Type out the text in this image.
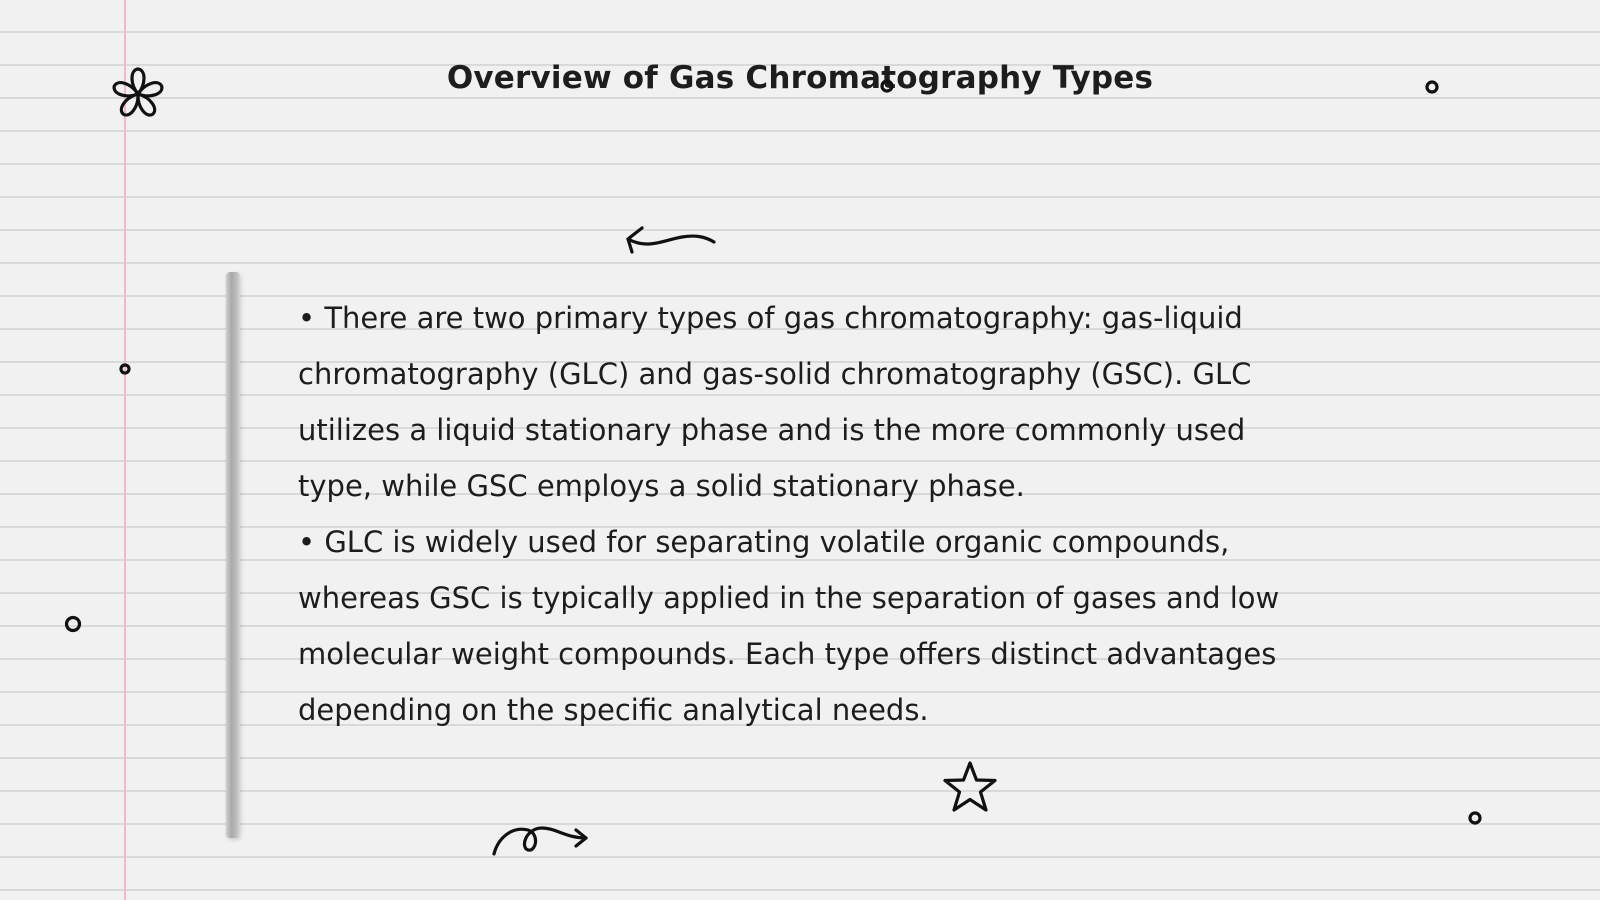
Overview of Gas Chromatography Types

• There are two primary types of gas chromatography: gas-liquid chromatography (GLC) and gas-solid chromatography (GSC). GLC utilizes a liquid stationary phase and is the more commonly used type, while GSC employs a solid stationary phase.

• GLC is widely used for separating volatile organic compounds, whereas GSC is typically applied in the separation of gases and low molecular weight compounds. Each type offers distinct advantages depending on the specific analytical needs.
